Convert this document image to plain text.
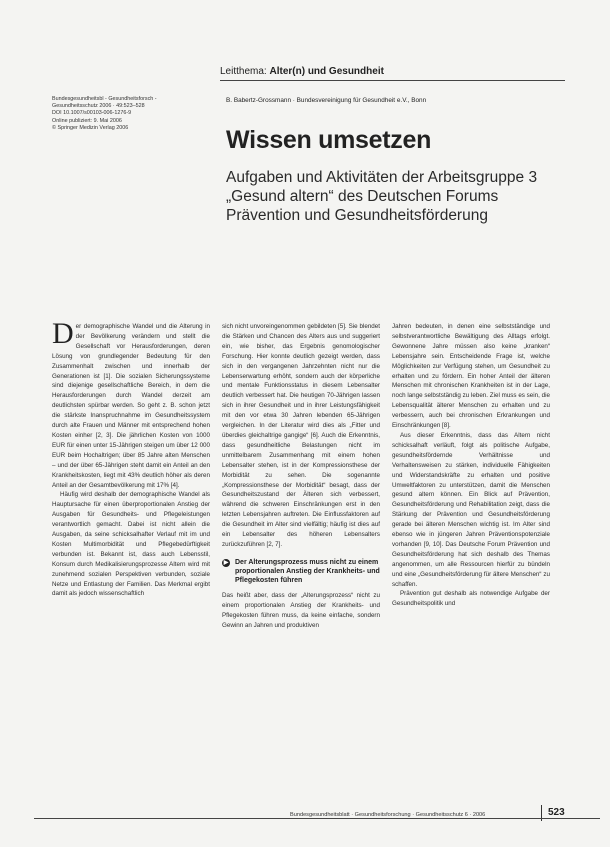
Leitthema: Alter(n) und Gesundheit
Bundesgesundheitsbl - Gesundheitsforsch -
Gesundheitsschutz 2006 · 49:523–528
DOI 10.1007/s00103-006-1276-9
Online publiziert: 9. Mai 2006
© Springer Medizin Verlag 2006
B. Babertz-Grossmann · Bundesvereinigung für Gesundheit e.V., Bonn
Wissen umsetzen
Aufgaben und Aktivitäten der Arbeitsgruppe 3
„Gesund altern“ des Deutschen Forums
Prävention und Gesundheitsförderung
D er demographische Wandel und die Alterung in der Bevölkerung verändern und stellt die Gesellschaft vor Herausforderungen, deren Lösung von grundlegender Bedeutung für den Zusammenhalt zwischen und innerhalb der Generationen ist [1]. Die sozialen Sicherungssysteme sind diejenige gesellschaftliche Bereich, in dem die Herausforderungen durch Wandel derzeit am deutlichsten spürbar werden. So geht z. B. schon jetzt die stärkste Inanspruchnahme im Gesundheitssystem durch alte Frauen und Männer mit entsprechend hohen Kosten einher [2, 3]. Die jährlichen Kosten von 1000 EUR für einen unter 15-Jährigen steigen um über 12 000 EUR beim Hochaltrigen; über 85 Jahre alten Menschen – und der über 65-Jährigen steht damit ein Anteil an den Krankheitskosten, liegt mit 43% deutlich höher als deren Anteil an der Gesamtbevölkerung mit 17% [4].

Häufig wird deshalb der demographische Wandel als Hauptursache für einen überproportionalen Anstieg der Ausgaben für Gesundheits- und Pflegeleistungen verantwortlich gemacht. Dabei ist nicht allein die Ausgaben, da seine schicksalhafter Verlauf mit im und Kosten Multimorbidität und Pflegebedürftigkeit verbunden ist. Bekannt ist, dass auch Lebensstil, Konsum durch Medikalisierungsprozesse Altern wird mit zunehmend sozialen Perspektiven verbunden, soziale Netze und Entlastung der Familien. Das Merkmal ergibt damit als jedoch wissenschaftlich

sich nicht unvoreingenommen gebildeten [5]. Sie blendet die Stärken und Chancen des Alters aus und suggeriert ein, wie bisher, das Ergebnis genomologischer Forschung. Hier konnte deutlich gezeigt werden, dass sich in den vergangenen Jahrzehnten nicht nur die Lebenserwartung erhöht, sondern auch der körperliche und mentale Funktionsstatus in diesem Lebensalter deutlich verbessert hat. Die heutigen 70-Jährigen lassen sich in ihrer Gesundheit und in ihrer Leistungsfähigkeit mit den vor etwa 30 Jahren lebenden 65-Jährigen vergleichen. In der Literatur wird dies als „Fitter und überdies gleichaltrige gangige“ [6]. Auch die Erkenntnis, dass gesundheitliche Belastungen nicht im unmittelbarem Zusammenhang mit einem hohen Lebensalter stehen, ist in der Kompressionsthese der Morbidität zu sehen. Die sogenannte „Kompressionsthese der Morbidität“ besagt, dass der Gesundheitszustand der Älteren sich verbessert, während die schweren Einschränkungen erst in den letzten Lebensjahren auftreten. Die Einflussfaktoren auf die Gesundheit im Alter sind vielfältig; häufig ist dies auf ein Lebensalter des höheren Lebensalters zurückzuführen [2, 7].

▶ Der Alterungsprozess muss nicht zu einem proportionalen Anstieg der Krankheits- und Pflegekosten führen

Das heißt aber, dass der „Alterungsprozess“ nicht zu einem proportionalen Anstieg der Krankheits- und Pflegekosten führen muss, da keine einfache, sondern Gewinn an Jahren und produktiven

Jahren bedeuten, in denen eine selbstständige und selbstverantwortliche Bewältigung des Alltags erfolgt. Gewonnene Jahre müssen also keine „kranken“ Lebensjahre sein. Entscheidende Frage ist, welche Möglichkeiten zur Verfügung stehen, um Gesundheit zu erhalten und zu fördern. Ein hoher Anteil der älteren Menschen mit chronischen Krankheiten ist in der Lage, noch lange selbstständig zu leben. Ziel muss es sein, die Lebensqualität älterer Menschen zu erhalten und zu verbessern, auch bei chronischen Erkrankungen und Einschränkungen [8].

Aus dieser Erkenntnis, dass das Altern nicht schicksalhaft verläuft, folgt als politische Aufgabe, gesundheitsfördernde Verhältnisse und Verhaltensweisen zu stärken, individuelle Fähigkeiten und Widerstandskräfte zu erhalten und positive Umweltfaktoren zu unterstützen, damit die Menschen gesund altern können. Ein Blick auf Prävention, Gesundheitsförderung und Rehabilitation zeigt, dass die Stärkung der Prävention und Gesundheitsförderung gerade bei älteren Menschen wichtig ist. Im Alter sind ebenso wie in jüngeren Jahren Präventionspotenziale vorhanden [9, 10]. Das Deutsche Forum Prävention und Gesundheitsförderung hat sich deshalb des Themas angenommen, um alle Ressourcen hierfür zu bündeln und eine „Gesundheitsförderung für ältere Menschen“ zu schaffen.

Prävention gut deshalb als notwendige Aufgabe der Gesundheitspolitik und

Bundesgesundheitsblatt · Gesundheitsforschung · Gesundheitsschutz 6 · 2006	523
